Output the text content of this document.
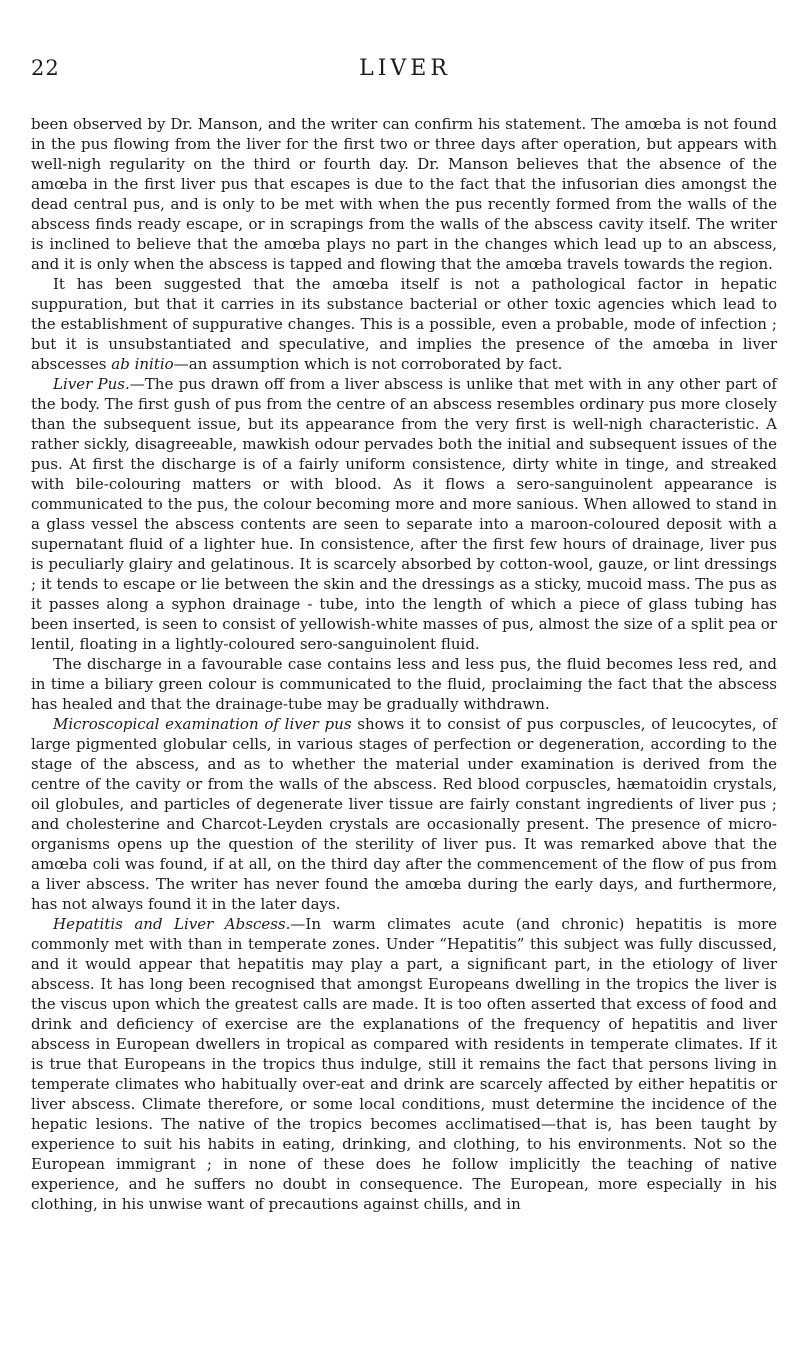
22	LIVER

been observed by Dr. Manson, and the writer can confirm his statement. The amœba is not found in the pus flowing from the liver for the first two or three days after operation, but appears with well-nigh regularity on the third or fourth day. Dr. Manson believes that the absence of the amœba in the first liver pus that escapes is due to the fact that the infusorian dies amongst the dead central pus, and is only to be met with when the pus recently formed from the walls of the abscess finds ready escape, or in scrapings from the walls of the abscess cavity itself. The writer is inclined to believe that the amœba plays no part in the changes which lead up to an abscess, and it is only when the abscess is tapped and flowing that the amœba travels towards the region.

It has been suggested that the amœba itself is not a pathological factor in hepatic suppuration, but that it carries in its substance bacterial or other toxic agencies which lead to the establishment of suppurative changes. This is a possible, even a probable, mode of infection ; but it is unsubstantiated and speculative, and implies the presence of the amœba in liver abscesses ab initio—an assumption which is not corroborated by fact.

Liver Pus.—The pus drawn off from a liver abscess is unlike that met with in any other part of the body. The first gush of pus from the centre of an abscess resembles ordinary pus more closely than the subsequent issue, but its appearance from the very first is well-nigh characteristic. A rather sickly, disagreeable, mawkish odour pervades both the initial and subsequent issues of the pus. At first the discharge is of a fairly uniform consistence, dirty white in tinge, and streaked with bile-colouring matters or with blood. As it flows a sero-sanguinolent appearance is communicated to the pus, the colour becoming more and more sanious. When allowed to stand in a glass vessel the abscess contents are seen to separate into a maroon-coloured deposit with a supernatant fluid of a lighter hue. In consistence, after the first few hours of drainage, liver pus is peculiarly glairy and gelatinous. It is scarcely absorbed by cotton-wool, gauze, or lint dressings ; it tends to escape or lie between the skin and the dressings as a sticky, mucoid mass. The pus as it passes along a syphon drainage - tube, into the length of which a piece of glass tubing has been inserted, is seen to consist of yellowish-white masses of pus, almost the size of a split pea or lentil, floating in a lightly-coloured sero-sanguinolent fluid.

The discharge in a favourable case contains less and less pus, the fluid becomes less red, and in time a biliary green colour is communicated to the fluid, proclaiming the fact that the abscess has healed and that the drainage-tube may be gradually withdrawn.

Microscopical examination of liver pus shows it to consist of pus corpuscles, of leucocytes, of large pigmented globular cells, in various stages of perfection or degeneration, according to the stage of the abscess, and as to whether the material under examination is derived from the centre of the cavity or from the walls of the abscess. Red blood corpuscles, hæmatoidin crystals, oil globules, and particles of degenerate liver tissue are fairly constant ingredients of liver pus ; and cholesterine and Charcot-Leyden crystals are occasionally present. The presence of micro-organisms opens up the question of the sterility of liver pus. It was remarked above that the amœba coli was found, if at all, on the third day after the commencement of the flow of pus from a liver abscess. The writer has never found the amœba during the early days, and furthermore, has not always found it in the later days.

Hepatitis and Liver Abscess.—In warm climates acute (and chronic) hepatitis is more commonly met with than in temperate zones. Under “Hepatitis” this subject was fully discussed, and it would appear that hepatitis may play a part, a significant part, in the etiology of liver abscess. It has long been recognised that amongst Europeans dwelling in the tropics the liver is the viscus upon which the greatest calls are made. It is too often asserted that excess of food and drink and deficiency of exercise are the explanations of the frequency of hepatitis and liver abscess in European dwellers in tropical as compared with residents in temperate climates. If it is true that Europeans in the tropics thus indulge, still it remains the fact that persons living in temperate climates who habitually over-eat and drink are scarcely affected by either hepatitis or liver abscess. Climate therefore, or some local conditions, must determine the incidence of the hepatic lesions. The native of the tropics becomes acclimatised—that is, has been taught by experience to suit his habits in eating, drinking, and clothing, to his environments. Not so the European immigrant ; in none of these does he follow implicitly the teaching of native experience, and he suffers no doubt in consequence. The European, more especially in his clothing, in his unwise want of precautions against chills, and in
